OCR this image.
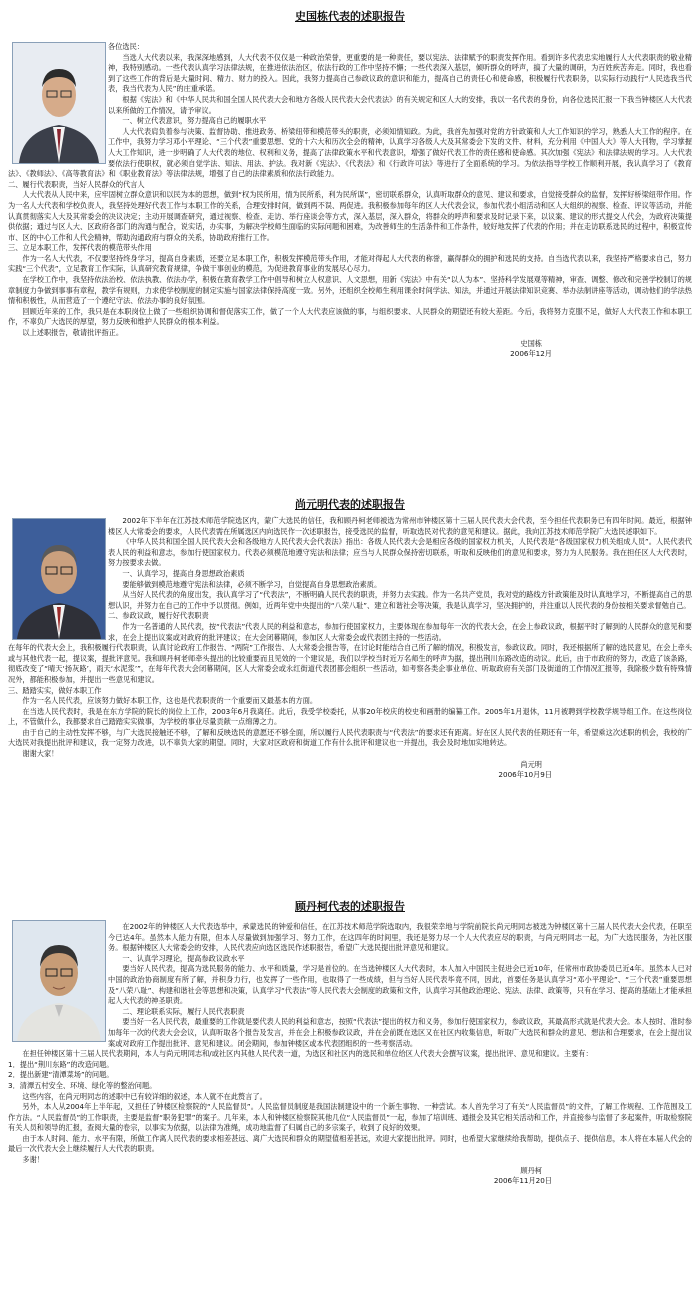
史国栋代表的述职报告

各位选民：

当选人大代表以来，我深深地感到，人大代表不仅仅是一种政治荣誉，更重要的是一种责任，要以宪法、法律赋予的职责发挥作用。看到许多代表忠实地履行人大代表职责的敬业精神，我特别感动。一些代表认真学习法律法规，在推进依法治区，依法行政的工作中坚持不懈；一些代表深入基层，倾听群众的呼声，搞了大量的调研，为百姓疾苦奔走。同时，我也看到了这些工作的背后是大量时间、精力、财力的投入。因此，我努力提高自己参政议政的意识和能力，提高自己的责任心和使命感，积极履行代表职务，以实际行动践行“人民选我当代表，我当代表为人民”的庄重承诺。

根据《宪法》和《中华人民共和国全国人民代表大会和地方各级人民代表大会代表法》的有关规定和区人大的安排，我以一名代表的身份，向各位选民汇报一下我当钟楼区人大代表以来所做的工作情况，请予审议。

一、树立代表意识，努力提高自己的履职水平

人大代表肩负着参与决策、监督协助、推进政务、桥梁纽带和模范带头的职责，必须知情知政。为此，我首先加强对党的方针政策和人大工作知识的学习，熟悉人大工作的程序。在工作中，我努力学习邓小平理论、“三个代表”重要思想、党的十六大和历次全会的精神，认真学习各级人大及其常委会下发的文件、材料，充分利用《中国人大》等人大刊物，学习掌握人大工作知识，进一步明确了人大代表的地位、权利和义务，提高了法律政策水平和代表意识，增强了做好代表工作的责任感和使命感。其次加强《宪法》和法律法规的学习。人大代表要依法行使职权，就必须自觉学法、知法、用法、护法。我对新《宪法》、《代表法》和《行政许可法》等进行了全面系统的学习。为依法指导学校工作顺利开展，我认真学习了《教育法》、《教师法》、《高等教育法》和《职业教育法》等法律法规，增强了自己的法律素质和依法行政能力。

二、履行代表职责，当好人民群众的代言人

人大代表从人民中来，应牢固树立群众意识和以民为本的思想，做到“权为民所用，情为民所系，利为民所谋”，密切联系群众，认真听取群众的意见、建议和要求，自觉接受群众的监督，发挥好桥梁纽带作用。作为一名人大代表和学校负责人，我坚持处理好代表工作与本职工作的关系，合理安排时间，做到两不误、两促进。我积极参加每年的区人大代表会议，参加代表小组活动和区人大组织的视察、检查、评议等活动，并能认真贯彻落实人大及其常委会的决议决定；主动开展调查研究，通过视察、检查、走访、举行座谈会等方式，深入基层，深入群众，将群众的呼声和要求及时记录下来，以议案、建议的形式提交人代会，为政府决策提供依据；通过与区人大、区政府各部门的沟通与配合，说实话，办实事，为解决学校师生面临的实际问题和困难，为改善师生的生活条件和工作条件，较好地发挥了代表的作用；并在走访联系选民的过程中，积极宣传市、区的中心工作和人代会精神，帮助沟通政府与群众的关系，协助政府推行工作。

三、立足本职工作，发挥代表的模范带头作用

作为一名人大代表，不仅要坚持终身学习，提高自身素质，还要立足本职工作，积极发挥模范带头作用，才能对得起人大代表的称誉，赢得群众的拥护和选民的支持。自当选代表以来，我坚持严格要求自己，努力实践“三个代表”，立足教育工作实际，认真研究教育规律，争做干事创业的模范，为促进教育事业的发展尽心尽力。

在学校工作中，我坚持依法治校、依法执教、依法办学，积极在教育教学工作中倡导和树立人权意识、人文思想，用新《宪法》中有关“以人为本”、坚持科学发展观等精神，审查、调整、修改和完善学校制订的规章制度力争做到事事有章程，教学有规则，力求使学校制度的制定实施与国家法律保持高度一致。另外，还组织全校师生利用课余时间学法、知法，并通过开展法律知识竞赛、举办法制讲座等活动，调动他们的学法热情和积极性，从而营造了一个遵纪守法、依法办事的良好氛围。

回顾近年来的工作，我只是在本职岗位上做了一些组织协调和督促落实工作，做了一个人大代表应该做的事，与组织要求、人民群众的期望还有较大差距。今后，我将努力克服不足，做好人大代表工作和本职工作，不辜负广大选民的厚望，努力反映和维护人民群众的根本利益。

以上述职报告，敬请批评指正。

史国栋

2006年12月

尚元明代表的述职报告

2002年下半年在江苏技术师范学院选区内，蒙广大选民的信任，我和顾丹柯老师被选为常州市钟楼区第十三届人民代表大会代表，至今担任代表职务已有四年时间。最近，根据钟楼区人大常委会的要求，人民代表需在所属选区内向选民作一次述职报告，接受选民的监督，听取选民对代表的意见和建议。据此，我向江苏技术师范学院广大选民述职如下。

《中华人民共和国全国人民代表大会和各级地方人民代表大会代表法》指出：各级人民代表大会是相应各级的国家权力机关，人民代表是“各级国家权力机关组成人员”。人民代表代表人民的利益和意志，参加行使国家权力。代表必须模范地遵守宪法和法律；应当与人民群众保持密切联系，听取和反映他们的意见和要求，努力为人民服务。我在担任区人大代表时，努力按要求去做。

一、认真学习，提高自身思想政治素质

要能够做到模范地遵守宪法和法律，必须不断学习，自觉提高自身思想政治素质。

从当好人民代表的角度出发，我认真学习了“代表法”，不断明确人民代表的职责，并努力去实践。作为一名共产党员，我对党的路线方针政策能及时认真地学习，不断提高自己的思想认识，并努力在自己的工作中予以贯彻。例如，近两年党中央提出的“八荣八耻”、建立和谐社会等决策，我是认真学习，坚决拥护的，并注重以人民代表的身份按相关要求督勉自己。

二、参政议政，履行好代表职责

作为一名普通的人民代表，按“代表法”代表人民的利益和意志，参加行使国家权力，主要体现在参加每年一次的代表大会，在会上参政议政，根据平时了解到的人民群众的意见和要求，在会上提出议案或对政府的批评建议；在大会闭幕期间，参加区人大常委会或代表团主持的一些活动。

在每年的代表大会上，我积极履行代表职责，认真讨论政府工作报告、“两院”工作报告、人大常委会报告等，在讨论时能结合自己所了解的情况，积极发言，参政议政。同时，我还根据所了解的选民意见，在会上牵头或与其他代表一起，提议案，提批评意见。我和顾丹柯老师牵头提出的比较重要而且见效的一个建议是，我们以学校当时近万名师生的呼声为据，提出荆川东路改造的动议。此后，由于市政府的努力，改造了该条路，彻底改变了“晴天‘扬灰路’，雨天‘水泥浆’”，在每年代表大会闭幕期间，区人大常委会或永红街道代表团都会组织一些活动，如考察各类企事业单位、听取政府有关部门及街道的工作情况汇报等，我除极少数有特殊情况外，都能积极参加，并提出一些意见和建议。

三、踏踏实实，做好本职工作

作为一名人民代表，应该努力做好本职工作，这也是代表职责的一个重要而又最基本的方面。

在当选人民代表时，我是在东方学院的院长的岗位上工作，2003年6月我离任。此后，我受学校委托，从事20年校庆的校史和画册的编纂工作。2005年1月退休，11月被聘到学校教学规导组工作。在这些岗位上，不管做什么，我都要求自己踏踏实实做事，为学校的事业尽量贡献一点绵薄之力。

由于自己的主动性发挥不够，与广大选民接触还不够，了解和反映选民的意愿还不够全面，所以履行人民代表职责与“代表法”的要求还有距离。好在区人民代表的任期还有一年，希望乘这次述职的机会，我校的广大选民对我提出批评和建议，我一定努力改进，以不辜负大家的期望。同时，大家对区政府和街道工作有什么批评和建议也一并提出，我会及时地加实地转达。

谢谢大家！

尚元明

2006年10月9日

顾丹柯代表的述职报告

在2002年的钟楼区人大代表选举中，承蒙选民的钟爱和信任，在江苏技术师范学院选取内，我很荣幸地与学院前院长尚元明同志被选为钟楼区第十三届人民代表大会代表，任职至今已达4年。虽然本人能力有限，但本人尽量做到加强学习、努力工作，在这四年的时间里，我还是努力尽一个人大代表应尽的职责，与尚元明同志一起，为广大选民服务，为社区服务。根据钟楼区人大常委会的安排，人民代表应向选区选民作述职报告，希望广大选民提出批评意见和建议。

一、认真学习理论，提高参政议政水平

要当好人民代表，提高为选民服务的能力、水平和质量，学习是首位的。在当选钟楼区人大代表时，本人加入中国民主促进会已近10年，任常州市政协委员已近4年。虽然本人已对中国的政治协商制度有所了解，并积身力行，也发挥了一些作用，也取得了一些成绩，但与当好人民代表毕竟不同，因此，首要任务是认真学习“邓小平理论”、“三个代表”重要思想及“八荣八耻”、构建和谐社会等思想和决策，认真学习“代表法”等人民代表大会制度的政策和文件，认真学习其他政治理论、宪法、法律、政策等，只有在学习、提高的基础上才能承担起人大代表的神圣职责。

二、理论联系实际，履行人民代表职责

要当好一名人民代表，最重要的工作就是要代表人民的利益和意志，按照“代表法”提出的权力和义务，参加行使国家权力，参政议政，其最高形式就是代表大会。本人按时、准时参加每年一次的代表大会会议，认真听取各个报告及发言，并在会上积极参政议政，并在会前既在选区又在社区内收集信息，听取广大选民和群众的意见、想法和合理要求，在会上提出议案或对政府工作提出批评、意见和建议。闭会期间，参加钟楼区或本代表团组织的一些考察活动。

在担任钟楼区第十三届人民代表期间，本人与尚元明同志和/或社区内其他人民代表一道，为选区和社区内的选民和单位给区人代表大会撰写议案，提出批评、意见和建议。主要有：

1．提出“荆川东路”的改造问题。

2．提出新建“清潭菜场”的问题。

3．清潭五村安全、环境、绿化等的整治问题。

这些内容，在尚元明同志的述职中已有较详细的叙述，本人就不在此赘言了。

另外，本人从2004年上半年起，又担任了钟楼区检察院的“人民监督员”。人民监督员制度是我国法制建设中的一个新生事物、一种尝试。本人首先学习了有关“人民监督员”的文件，了解工作规程、工作范围及工作方法。“人民监督员”的工作职责，主要是监督“职务犯罪”的案子。几年来，本人和钟楼区检察院其他几位“人民监督员”一起，参加了培训班、通报会及其它相关活动和工作，并直接参与监督了多起案件，听取检察院有关人员和领导的汇报，查阅大量的卷宗，以事实为依据，以法律为准绳，成功地监督了归属自己的多宗案子，收到了良好的效果。

由于本人时间、能力、水平有限，所做工作离人民代表的要求相差甚远、离广大选民和群众的期望值相差甚远，欢迎大家提出批评。同时，也希望大家继续给我帮助，提供点子、提供信息，本人将在本届人代会的最后一次代表大会上继续履行人大代表的职责。

多谢！

顾丹柯

2006年11月20日
